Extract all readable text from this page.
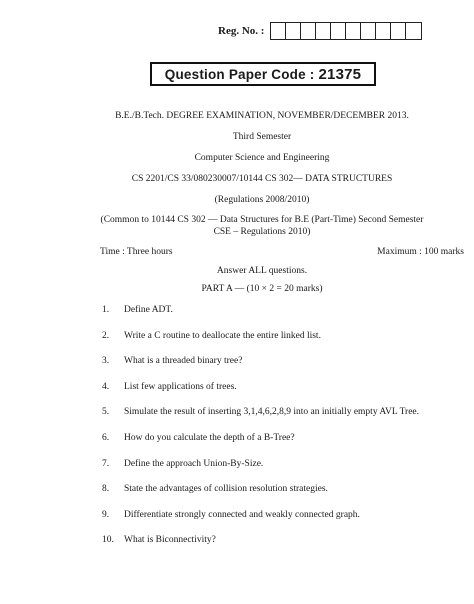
Reg. No. :
Question Paper Code : 21375
B.E./B.Tech. DEGREE EXAMINATION, NOVEMBER/DECEMBER 2013.
Third Semester
Computer Science and Engineering
CS 2201/CS 33/080230007/10144 CS 302— DATA STRUCTURES
(Regulations 2008/2010)
(Common to 10144 CS 302 — Data Structures for B.E (Part-Time) Second Semester
CSE – Regulations 2010)
Time : Three hours	Maximum : 100 marks
Answer ALL questions.
PART A — (10 × 2 = 20 marks)
1.	Define ADT.
2.	Write a C routine to deallocate the entire linked list.
3.	What is a threaded binary tree?
4.	List few applications of trees.
5.	Simulate the result of inserting 3,1,4,6,2,8,9 into an initially empty AVL Tree.
6.	How do you calculate the depth of a B-Tree?
7.	Define the approach Union-By-Size.
8.	State the advantages of collision resolution strategies.
9.	Differentiate strongly connected and weakly connected graph.
10.	What is Biconnectivity?
